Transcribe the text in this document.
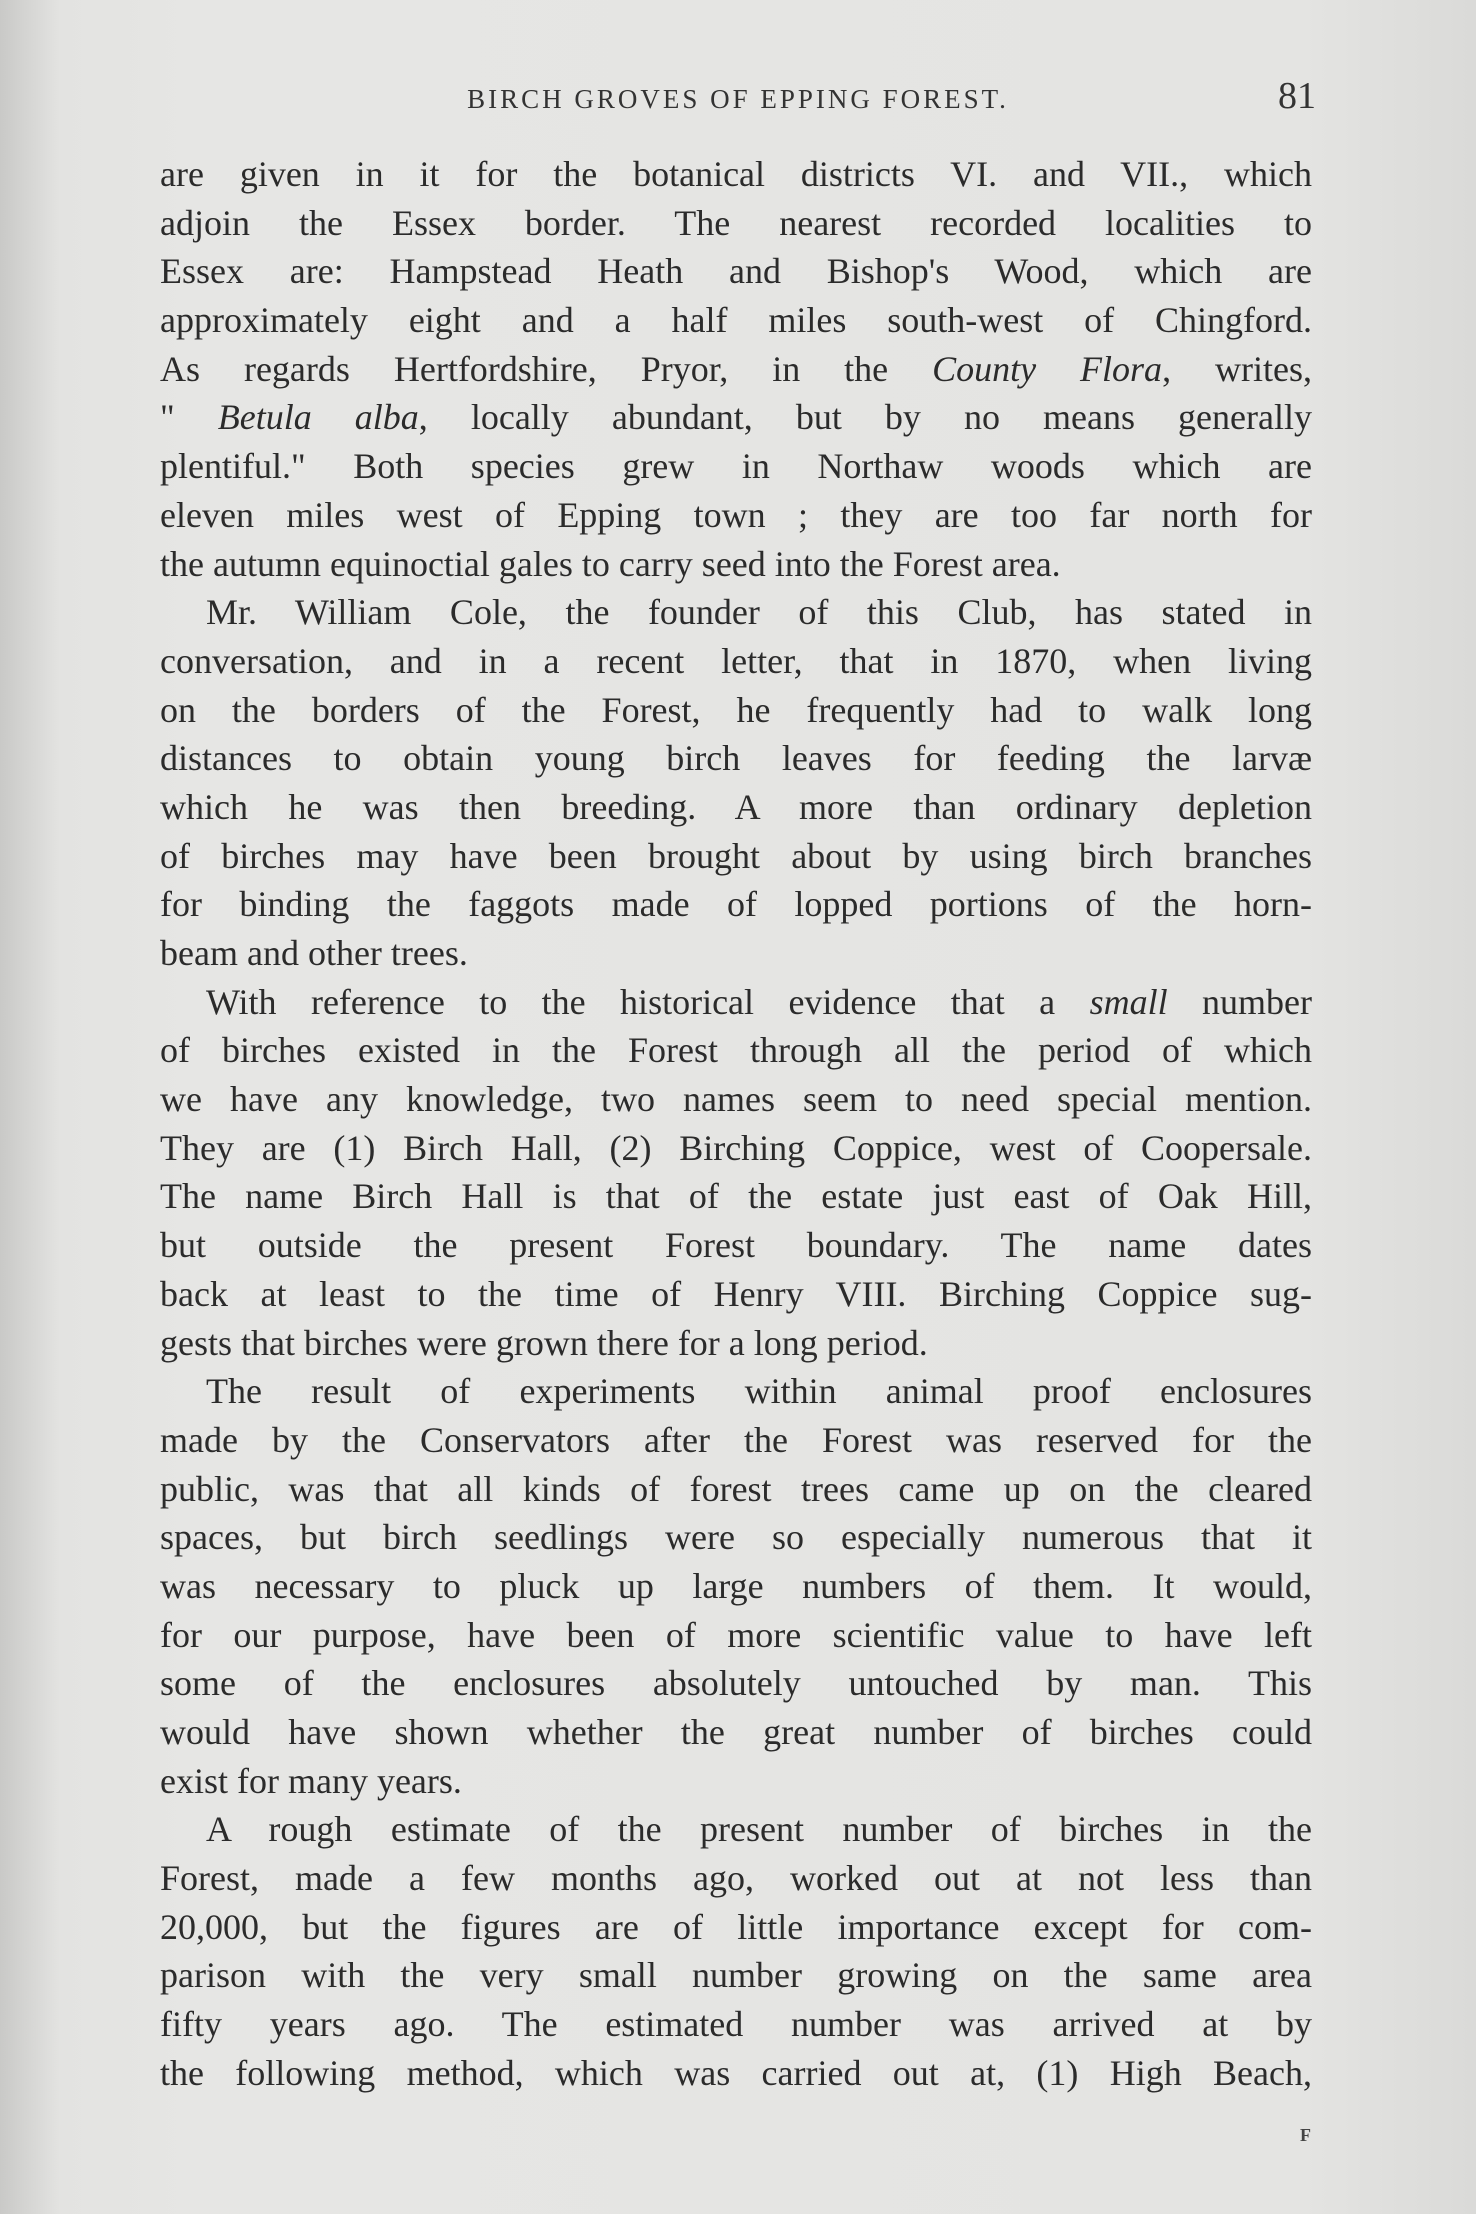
BIRCH GROVES OF EPPING FOREST.	81
are given in it for the botanical districts VI. and VII., which
adjoin the Essex border. The nearest recorded localities to
Essex are: Hampstead Heath and Bishop's Wood, which are
approximately eight and a half miles south-west of Chingford.
As regards Hertfordshire, Pryor, in the County Flora, writes,
" Betula alba, locally abundant, but by no means generally
plentiful." Both species grew in Northaw woods which are
eleven miles west of Epping town ; they are too far north for
the autumn equinoctial gales to carry seed into the Forest area.
Mr. William Cole, the founder of this Club, has stated in
conversation, and in a recent letter, that in 1870, when living
on the borders of the Forest, he frequently had to walk long
distances to obtain young birch leaves for feeding the larvæ
which he was then breeding. A more than ordinary depletion
of birches may have been brought about by using birch branches
for binding the faggots made of lopped portions of the horn-
beam and other trees.
With reference to the historical evidence that a small number
of birches existed in the Forest through all the period of which
we have any knowledge, two names seem to need special mention.
They are (1) Birch Hall, (2) Birching Coppice, west of Coopersale.
The name Birch Hall is that of the estate just east of Oak Hill,
but outside the present Forest boundary. The name dates
back at least to the time of Henry VIII. Birching Coppice sug-
gests that birches were grown there for a long period.
The result of experiments within animal proof enclosures
made by the Conservators after the Forest was reserved for the
public, was that all kinds of forest trees came up on the cleared
spaces, but birch seedlings were so especially numerous that it
was necessary to pluck up large numbers of them. It would,
for our purpose, have been of more scientific value to have left
some of the enclosures absolutely untouched by man. This
would have shown whether the great number of birches could
exist for many years.
A rough estimate of the present number of birches in the
Forest, made a few months ago, worked out at not less than
20,000, but the figures are of little importance except for com-
parison with the very small number growing on the same area
fifty years ago. The estimated number was arrived at by
the following method, which was carried out at, (1) High Beach,
F
